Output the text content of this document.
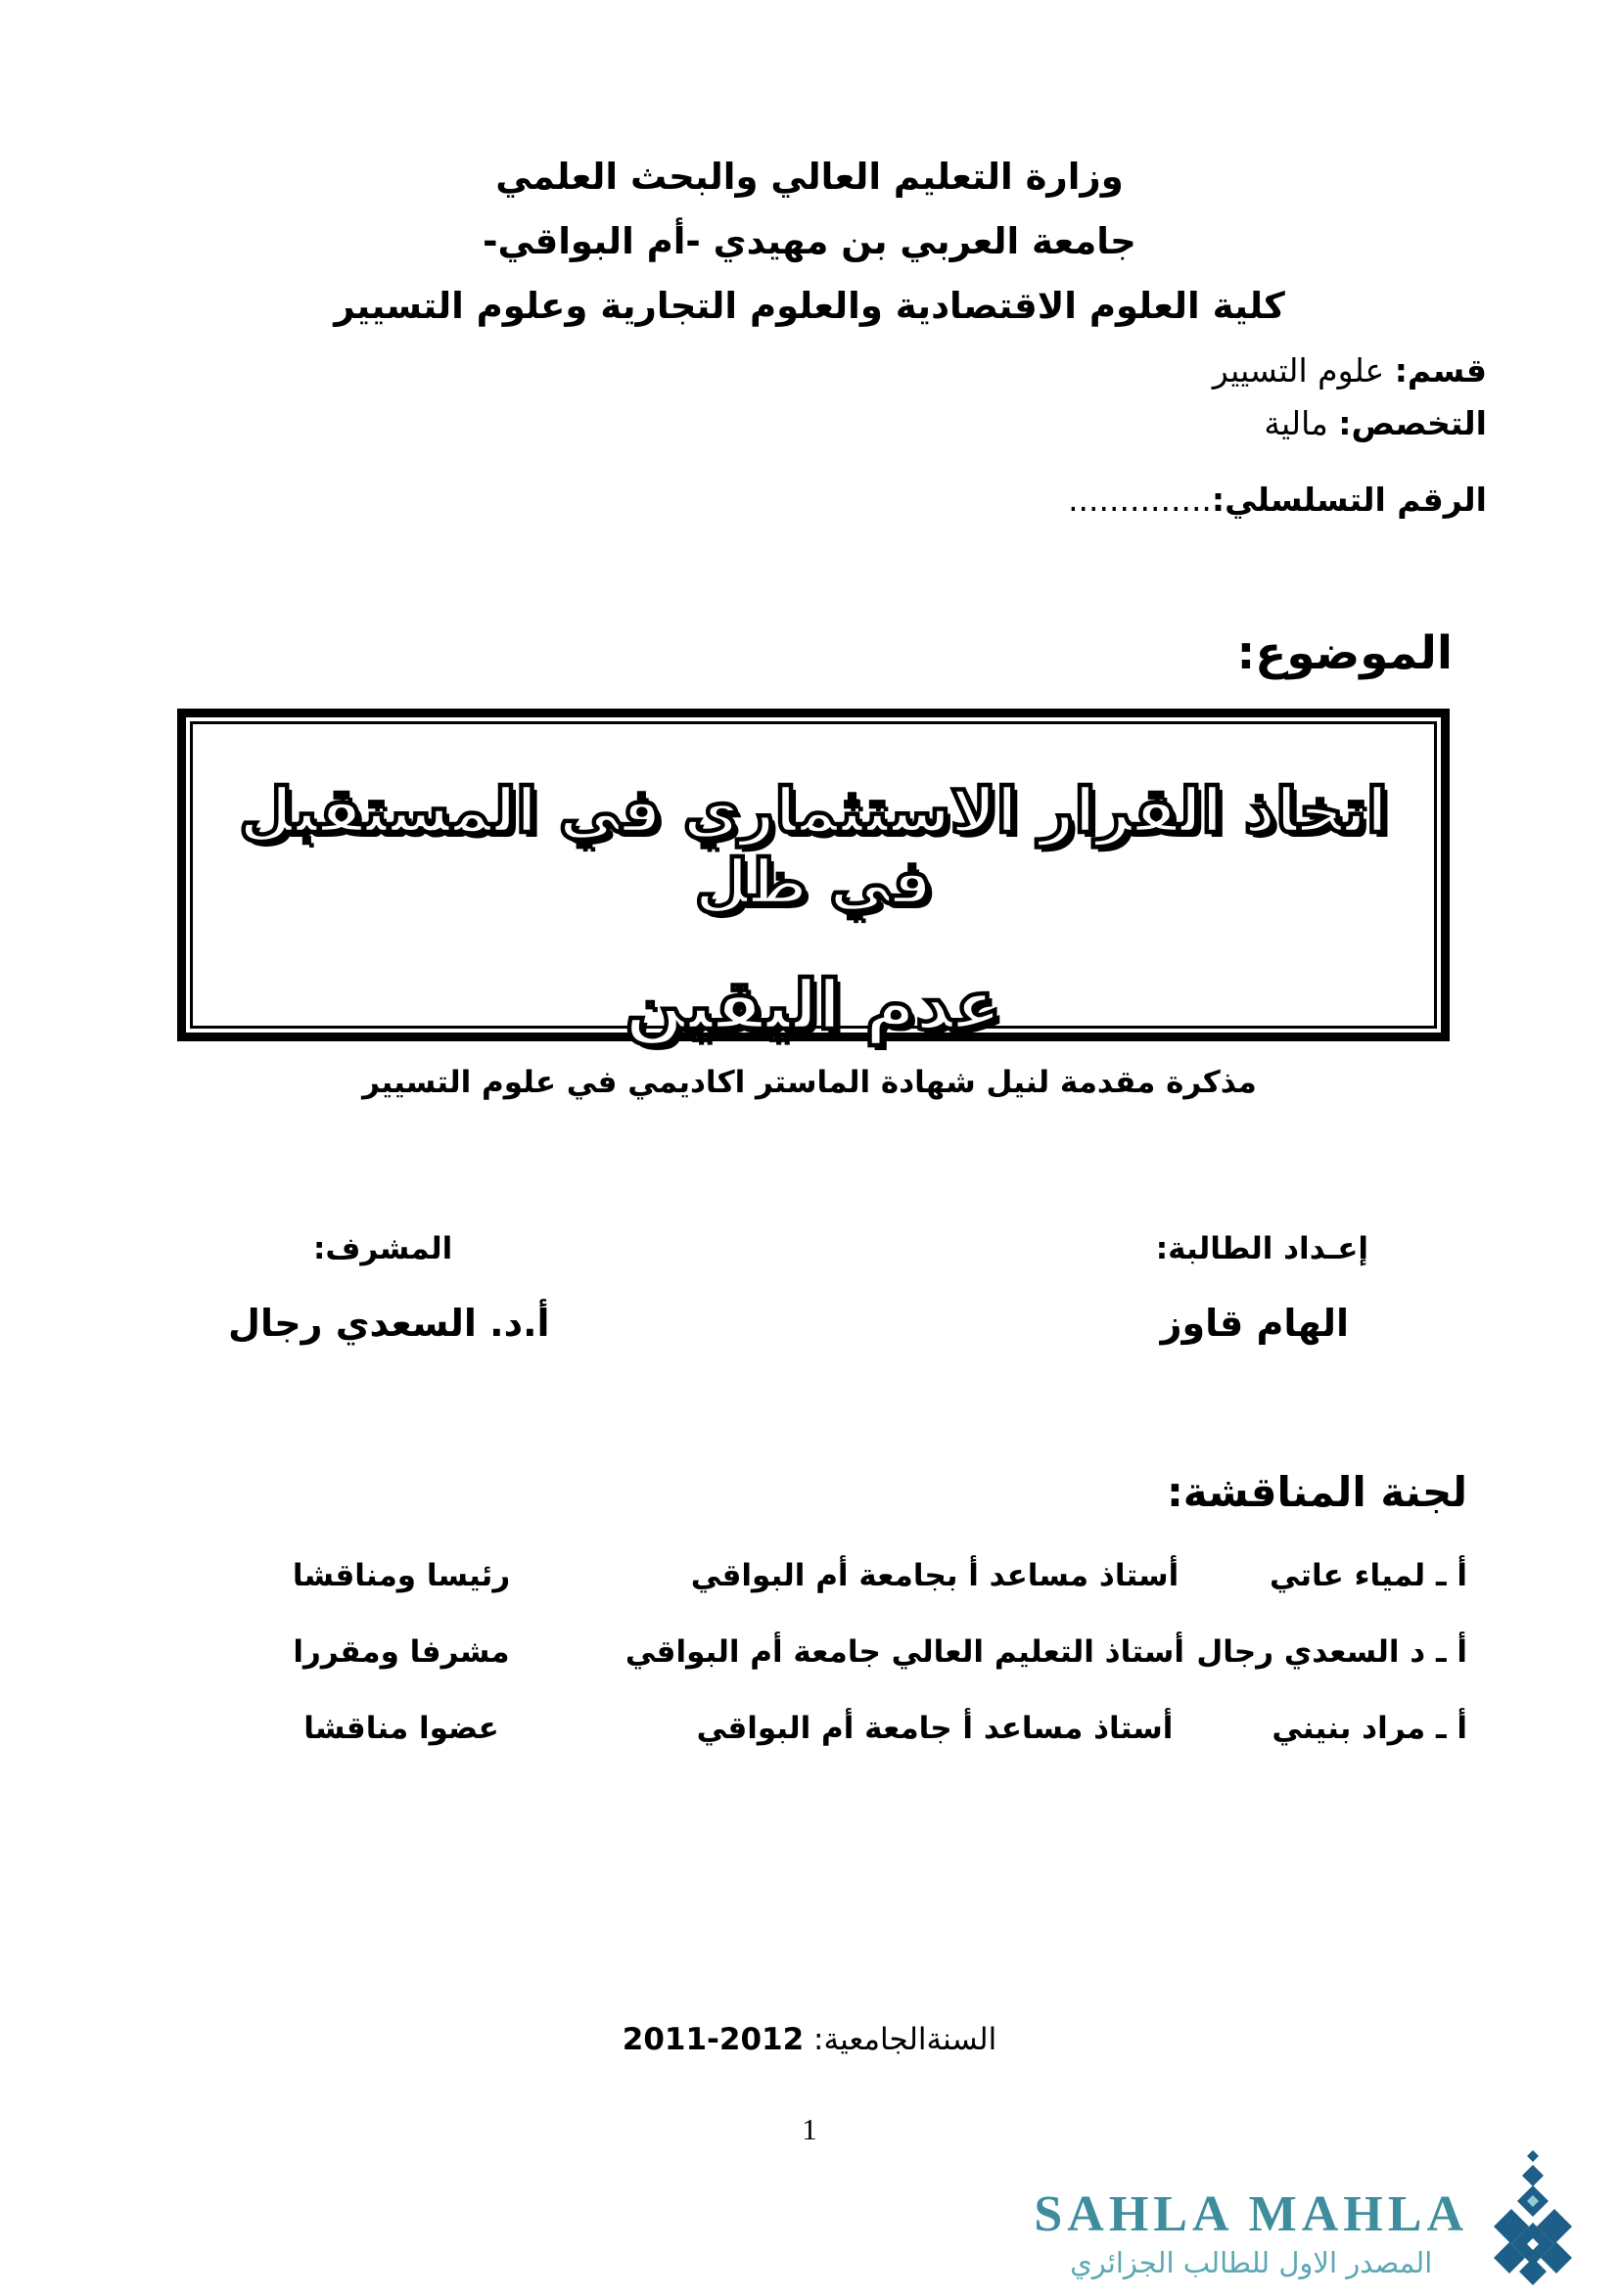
وزارة التعليم العالي والبحث العلمي
جامعة العربي بن مهيدي -أم البواقي-
كلية العلوم الاقتصادية والعلوم التجارية وعلوم التسيير
قسم: علوم التسيير
التخصص: مالية
الرقم التسلسلي:..............
الموضوع:
اتخاذ القرار الاستثماري في المستقبل في ظل
عدم اليقين
مذكرة مقدمة لنيل شهادة الماستر اكاديمي في علوم التسيير
إعـداد الطالبة:
الهام قاوز
المشرف:
أ.د. السعدي رجال
لجنة المناقشة:
أ ـ لمياء عاتي
أستاذ مساعد أ بجامعة أم البواقي
رئيسا ومناقشا
أ ـ د السعدي رجال
أستاذ التعليم العالي جامعة أم البواقي
مشرفا ومقررا
أ ـ مراد بنيني
أستاذ مساعد أ جامعة أم البواقي
عضوا مناقشا
السنةالجامعية: 2012-2011
1
SAHLA MAHLA
المصدر الاول للطالب الجزائري
